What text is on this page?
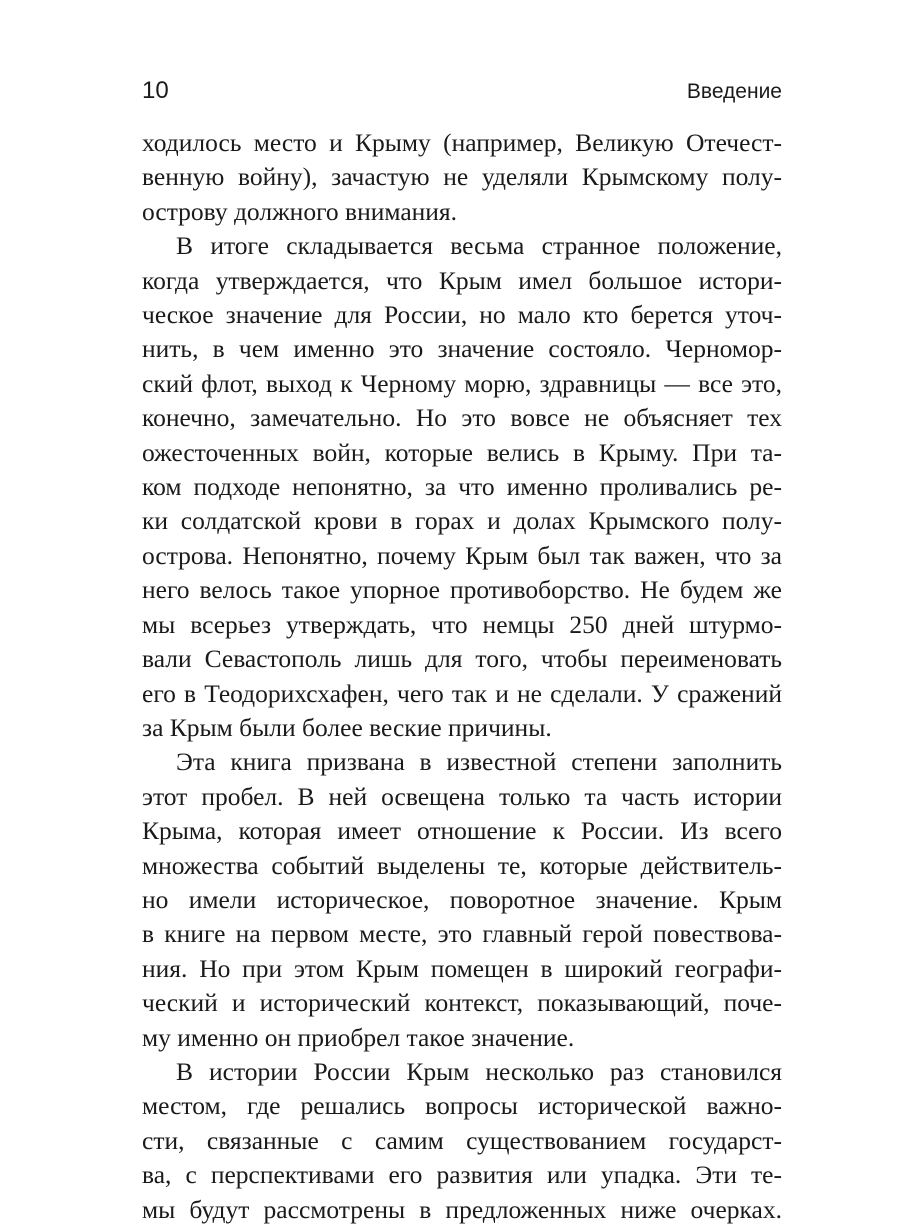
10	Введение

ходилось место и Крыму (например, Великую Отечест-
венную войну), зачастую не уделяли Крымскому полу-
острову должного внимания.

В итоге складывается весьма странное положение,
когда утверждается, что Крым имел большое истори-
ческое значение для России, но мало кто берется уточ-
нить, в чем именно это значение состояло. Черномор-
ский флот, выход к Черному морю, здравницы — все это,
конечно, замечательно. Но это вовсе не объясняет тех
ожесточенных войн, которые велись в Крыму. При та-
ком подходе непонятно, за что именно проливались ре-
ки солдатской крови в горах и долах Крымского полу-
острова. Непонятно, почему Крым был так важен, что за
него велось такое упорное противоборство. Не будем же
мы всерьез утверждать, что немцы 250 дней штурмо-
вали Севастополь лишь для того, чтобы переименовать
его в Теодорихсхафен, чего так и не сделали. У сражений
за Крым были более веские причины.

Эта книга призвана в известной степени заполнить
этот пробел. В ней освещена только та часть истории
Крыма, которая имеет отношение к России. Из всего
множества событий выделены те, которые действитель-
но имели историческое, поворотное значение. Крым
в книге на первом месте, это главный герой повествова-
ния. Но при этом Крым помещен в широкий географи-
ческий и исторический контекст, показывающий, поче-
му именно он приобрел такое значение.

В истории России Крым несколько раз становился
местом, где решались вопросы исторической важно-
сти, связанные с самим существованием государст-
ва, с перспективами его развития или упадка. Эти те-
мы будут рассмотрены в предложенных ниже очерках.
